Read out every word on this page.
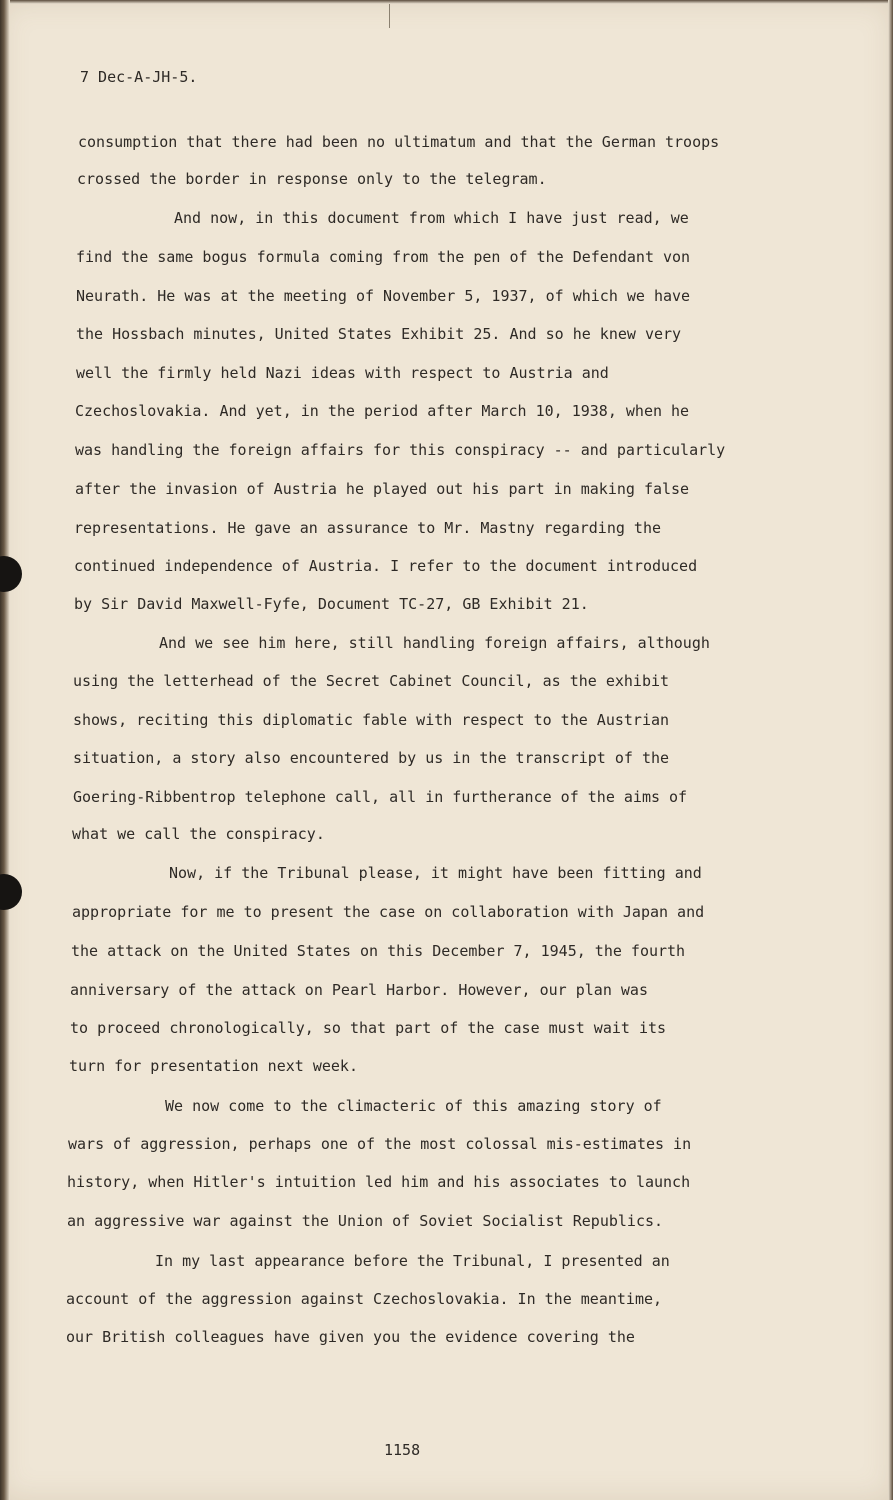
7 Dec-A-JH-5.

consumption that there had been no ultimatum and that the German troops

crossed the border in response only to the telegram.

And now, in this document from which I have just read, we

find the same bogus formula coming from the pen of the Defendant von

Neurath. He was at the meeting of November 5, 1937, of which we have

the Hossbach minutes, United States Exhibit 25. And so he knew very

well the firmly held Nazi ideas with respect to Austria and

Czechoslovakia. And yet, in the period after March 10, 1938, when he

was handling the foreign affairs for this conspiracy -- and particularly

after the invasion of Austria he played out his part in making false

representations. He gave an assurance to Mr. Mastny regarding the

continued independence of Austria. I refer to the document introduced

by Sir David Maxwell-Fyfe, Document TC-27, GB Exhibit 21.

And we see him here, still handling foreign affairs, although

using the letterhead of the Secret Cabinet Council, as the exhibit

shows, reciting this diplomatic fable with respect to the Austrian

situation, a story also encountered by us in the transcript of the

Goering-Ribbentrop telephone call, all in furtherance of the aims of

what we call the conspiracy.

Now, if the Tribunal please, it might have been fitting and

appropriate for me to present the case on collaboration with Japan and

the attack on the United States on this December 7, 1945, the fourth

anniversary of the attack on Pearl Harbor. However, our plan was

to proceed chronologically, so that part of the case must wait its

turn for presentation next week.

We now come to the climacteric of this amazing story of

wars of aggression, perhaps one of the most colossal mis-estimates in

history, when Hitler's intuition led him and his associates to launch

an aggressive war against the Union of Soviet Socialist Republics.

In my last appearance before the Tribunal, I presented an

account of the aggression against Czechoslovakia. In the meantime,

our British colleagues have given you the evidence covering the

1158
